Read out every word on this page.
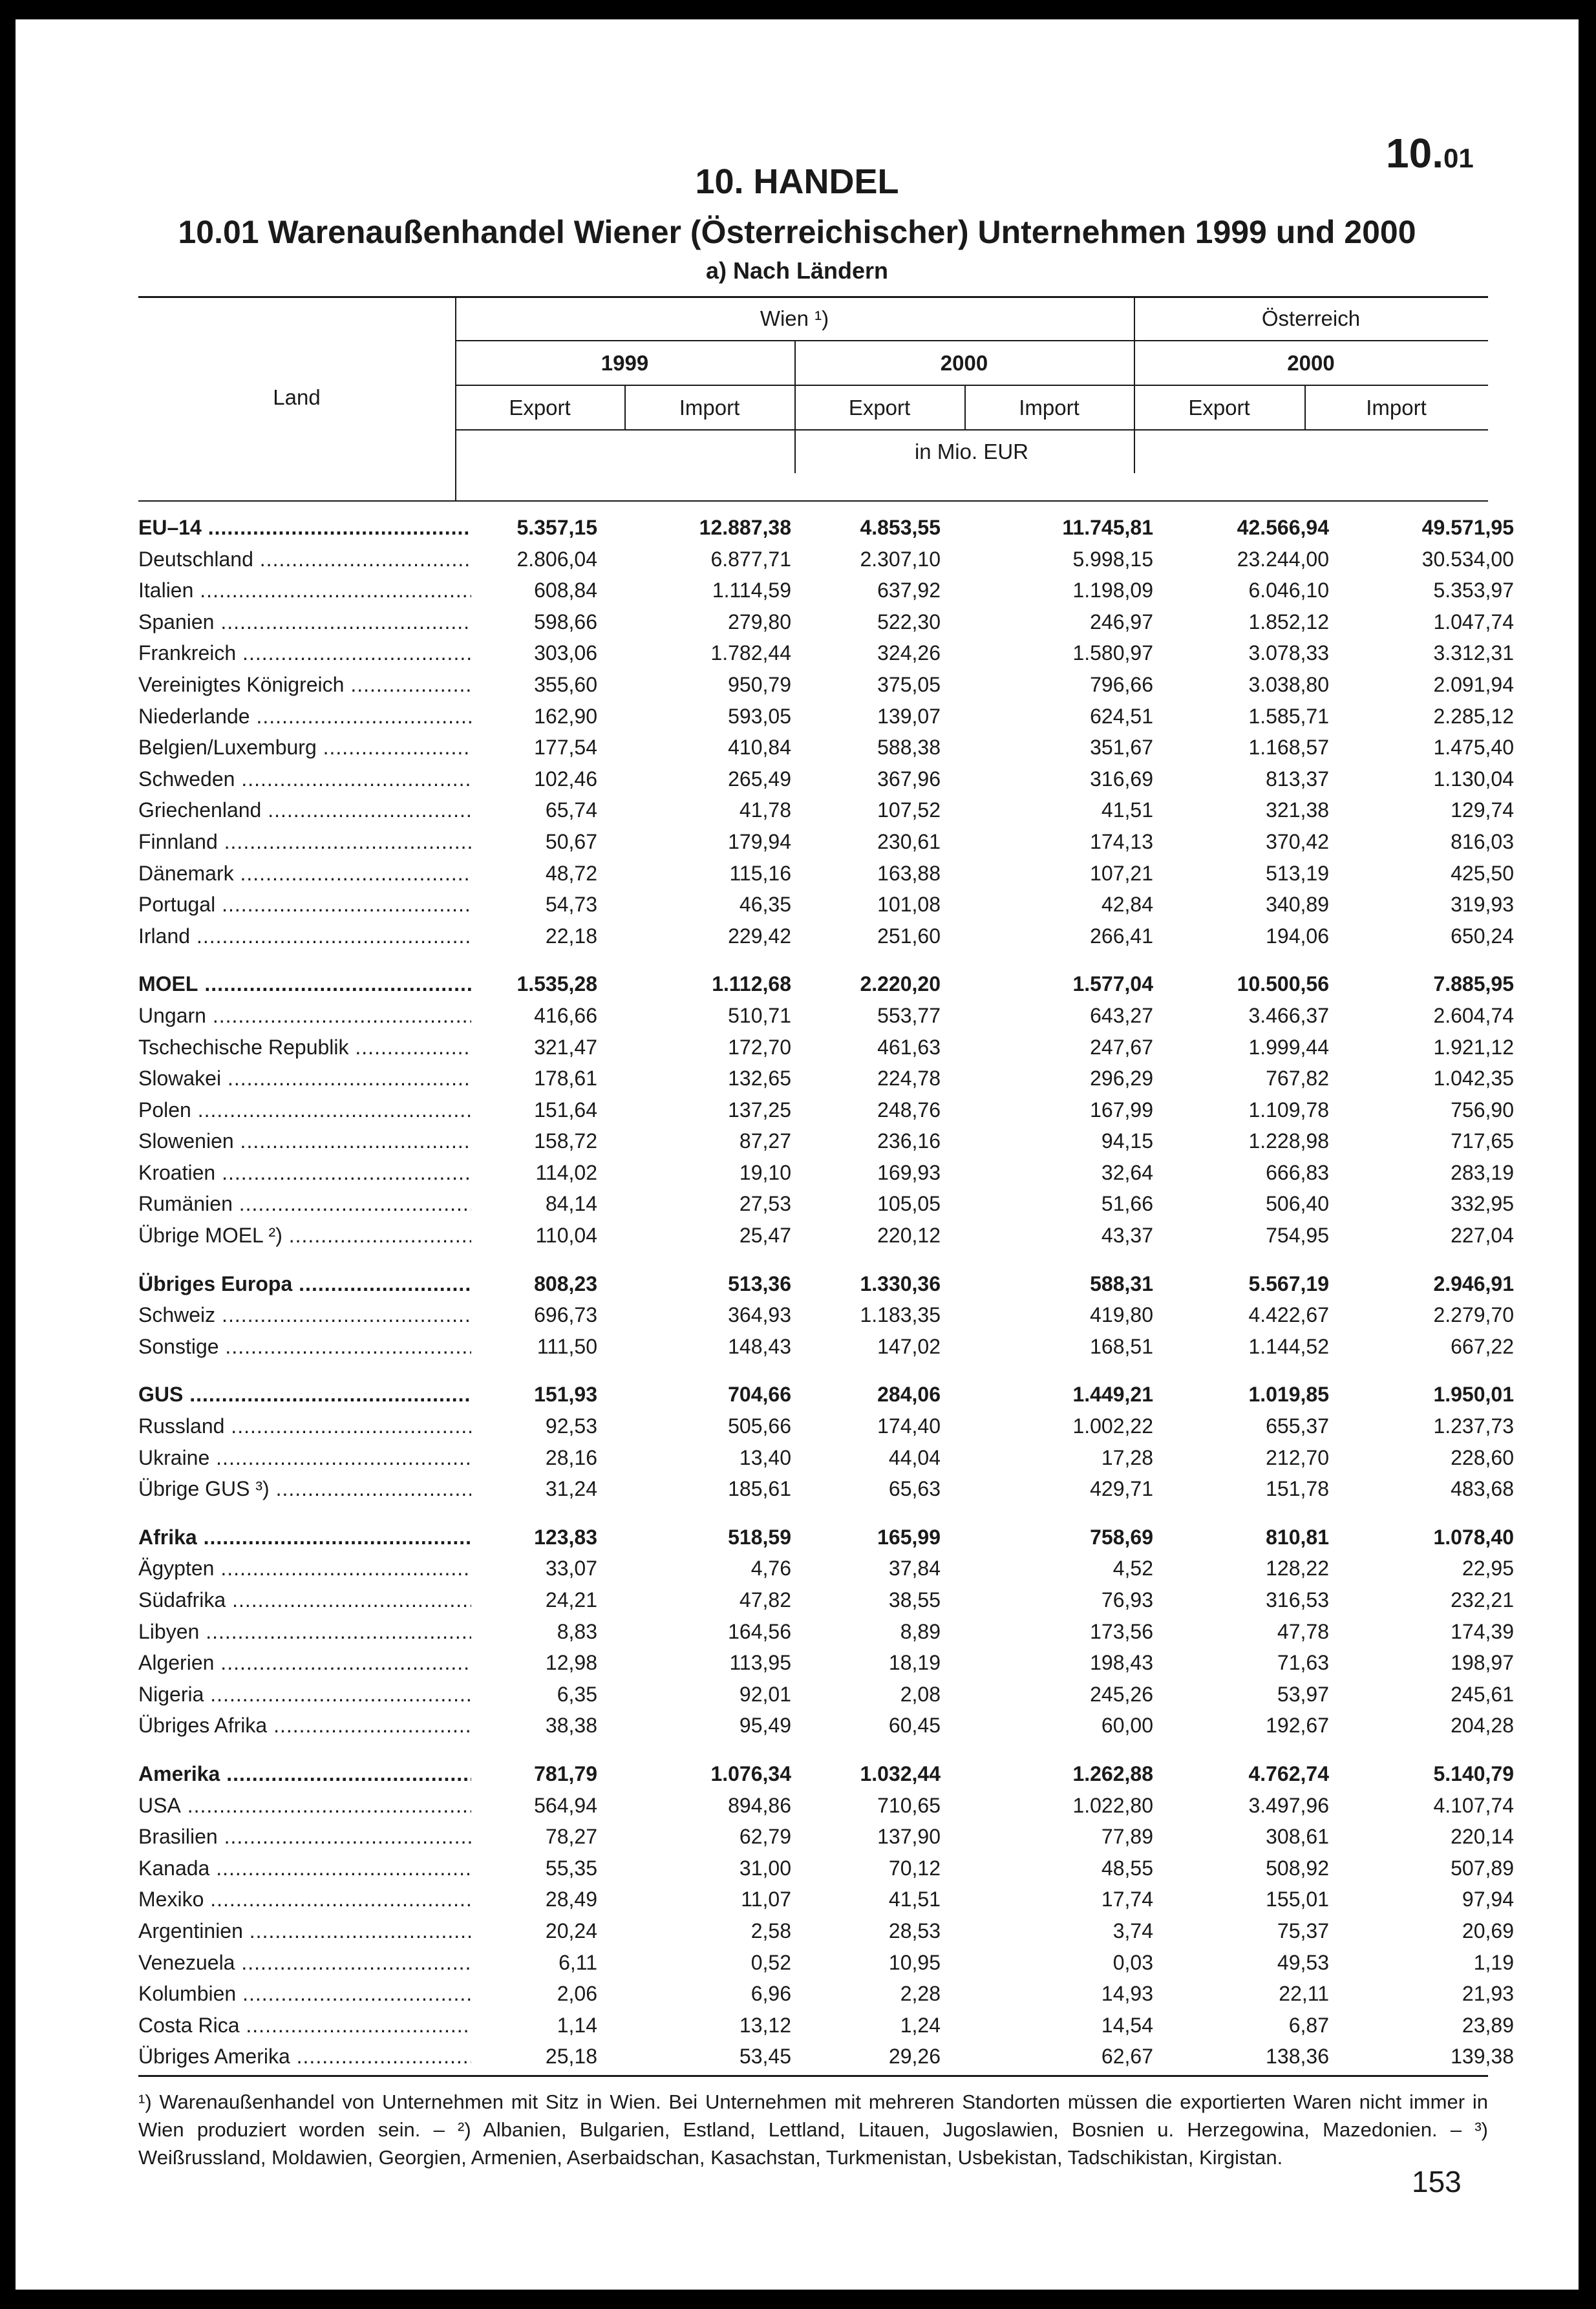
10.01
10. HANDEL
10.01 Warenaußenhandel Wiener (Österreichischer) Unternehmen 1999 und 2000
a) Nach Ländern
Land
Wien ¹)	Österreich
1999	2000	2000
Export	Import	Export	Import	Export	Import
in Mio. EUR
EU–14 .....	5.357,15	12.887,38	4.853,55	11.745,81	42.566,94	49.571,95
Deutschland .....	2.806,04	6.877,71	2.307,10	5.998,15	23.244,00	30.534,00
Italien .....	608,84	1.114,59	637,92	1.198,09	6.046,10	5.353,97
Spanien .....	598,66	279,80	522,30	246,97	1.852,12	1.047,74
Frankreich .....	303,06	1.782,44	324,26	1.580,97	3.078,33	3.312,31
Vereinigtes Königreich .....	355,60	950,79	375,05	796,66	3.038,80	2.091,94
Niederlande .....	162,90	593,05	139,07	624,51	1.585,71	2.285,12
Belgien/Luxemburg .....	177,54	410,84	588,38	351,67	1.168,57	1.475,40
Schweden .....	102,46	265,49	367,96	316,69	813,37	1.130,04
Griechenland .....	65,74	41,78	107,52	41,51	321,38	129,74
Finnland .....	50,67	179,94	230,61	174,13	370,42	816,03
Dänemark .....	48,72	115,16	163,88	107,21	513,19	425,50
Portugal .....	54,73	46,35	101,08	42,84	340,89	319,93
Irland .....	22,18	229,42	251,60	266,41	194,06	650,24
MOEL .....	1.535,28	1.112,68	2.220,20	1.577,04	10.500,56	7.885,95
Ungarn .....	416,66	510,71	553,77	643,27	3.466,37	2.604,74
Tschechische Republik .....	321,47	172,70	461,63	247,67	1.999,44	1.921,12
Slowakei .....	178,61	132,65	224,78	296,29	767,82	1.042,35
Polen .....	151,64	137,25	248,76	167,99	1.109,78	756,90
Slowenien .....	158,72	87,27	236,16	94,15	1.228,98	717,65
Kroatien .....	114,02	19,10	169,93	32,64	666,83	283,19
Rumänien .....	84,14	27,53	105,05	51,66	506,40	332,95
Übrige MOEL ²) .....	110,04	25,47	220,12	43,37	754,95	227,04
Übriges Europa .....	808,23	513,36	1.330,36	588,31	5.567,19	2.946,91
Schweiz .....	696,73	364,93	1.183,35	419,80	4.422,67	2.279,70
Sonstige .....	111,50	148,43	147,02	168,51	1.144,52	667,22
GUS .....	151,93	704,66	284,06	1.449,21	1.019,85	1.950,01
Russland .....	92,53	505,66	174,40	1.002,22	655,37	1.237,73
Ukraine .....	28,16	13,40	44,04	17,28	212,70	228,60
Übrige GUS ³) .....	31,24	185,61	65,63	429,71	151,78	483,68
Afrika .....	123,83	518,59	165,99	758,69	810,81	1.078,40
Ägypten .....	33,07	4,76	37,84	4,52	128,22	22,95
Südafrika .....	24,21	47,82	38,55	76,93	316,53	232,21
Libyen .....	8,83	164,56	8,89	173,56	47,78	174,39
Algerien .....	12,98	113,95	18,19	198,43	71,63	198,97
Nigeria .....	6,35	92,01	2,08	245,26	53,97	245,61
Übriges Afrika .....	38,38	95,49	60,45	60,00	192,67	204,28
Amerika .....	781,79	1.076,34	1.032,44	1.262,88	4.762,74	5.140,79
USA .....	564,94	894,86	710,65	1.022,80	3.497,96	4.107,74
Brasilien .....	78,27	62,79	137,90	77,89	308,61	220,14
Kanada .....	55,35	31,00	70,12	48,55	508,92	507,89
Mexiko .....	28,49	11,07	41,51	17,74	155,01	97,94
Argentinien .....	20,24	2,58	28,53	3,74	75,37	20,69
Venezuela .....	6,11	0,52	10,95	0,03	49,53	1,19
Kolumbien .....	2,06	6,96	2,28	14,93	22,11	21,93
Costa Rica .....	1,14	13,12	1,24	14,54	6,87	23,89
Übriges Amerika .....	25,18	53,45	29,26	62,67	138,36	139,38
¹) Warenaußenhandel von Unternehmen mit Sitz in Wien. Bei Unternehmen mit mehreren Standorten müssen die exportierten Waren nicht immer in Wien produziert worden sein. – ²) Albanien, Bulgarien, Estland, Lettland, Litauen, Jugoslawien, Bosnien u. Herzegowina, Mazedonien. – ³) Weißrussland, Moldawien, Georgien, Armenien, Aserbaidschan, Kasachstan, Turkmenistan, Usbekistan, Tadschikistan, Kirgistan.
153
